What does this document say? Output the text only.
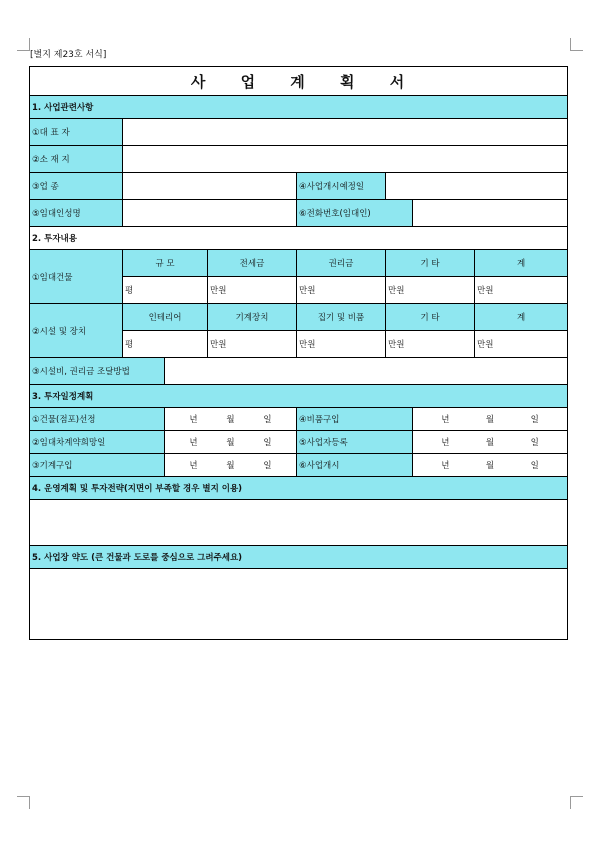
[별지 제23호 서식]
사 업 계 획 서							
1. 사업관련사항							
①대 표 자							
②소 재 지							
③업 종				④사업개시예정일			
⑤임대인성명				⑥전화번호(임대인)			
2. 투자내용							
①임대건물	규 모		전세금	권리금	기 타		계
	평		만원	만원	만원		만원
②시설 및 장치	인테리어		기계장치	집기 및 비품	기 타		계
	평		만원	만원	만원		만원
③시설비, 권리금 조달방법							
3. 투자일정계획							
①건물(점포)선정		년 월 일		④비품구입		년 월 일	

②임대차계약희망일		년 월 일		⑤사업자등록		년 월 일	

③기계구입		년 월 일		⑥사업개시		년 월 일	

4. 운영계획 및 투자전략(지면이 부족할 경우 별지 이용)							

5. 사업장 약도 (큰 건물과 도로를 중심으로 그려주세요)							
